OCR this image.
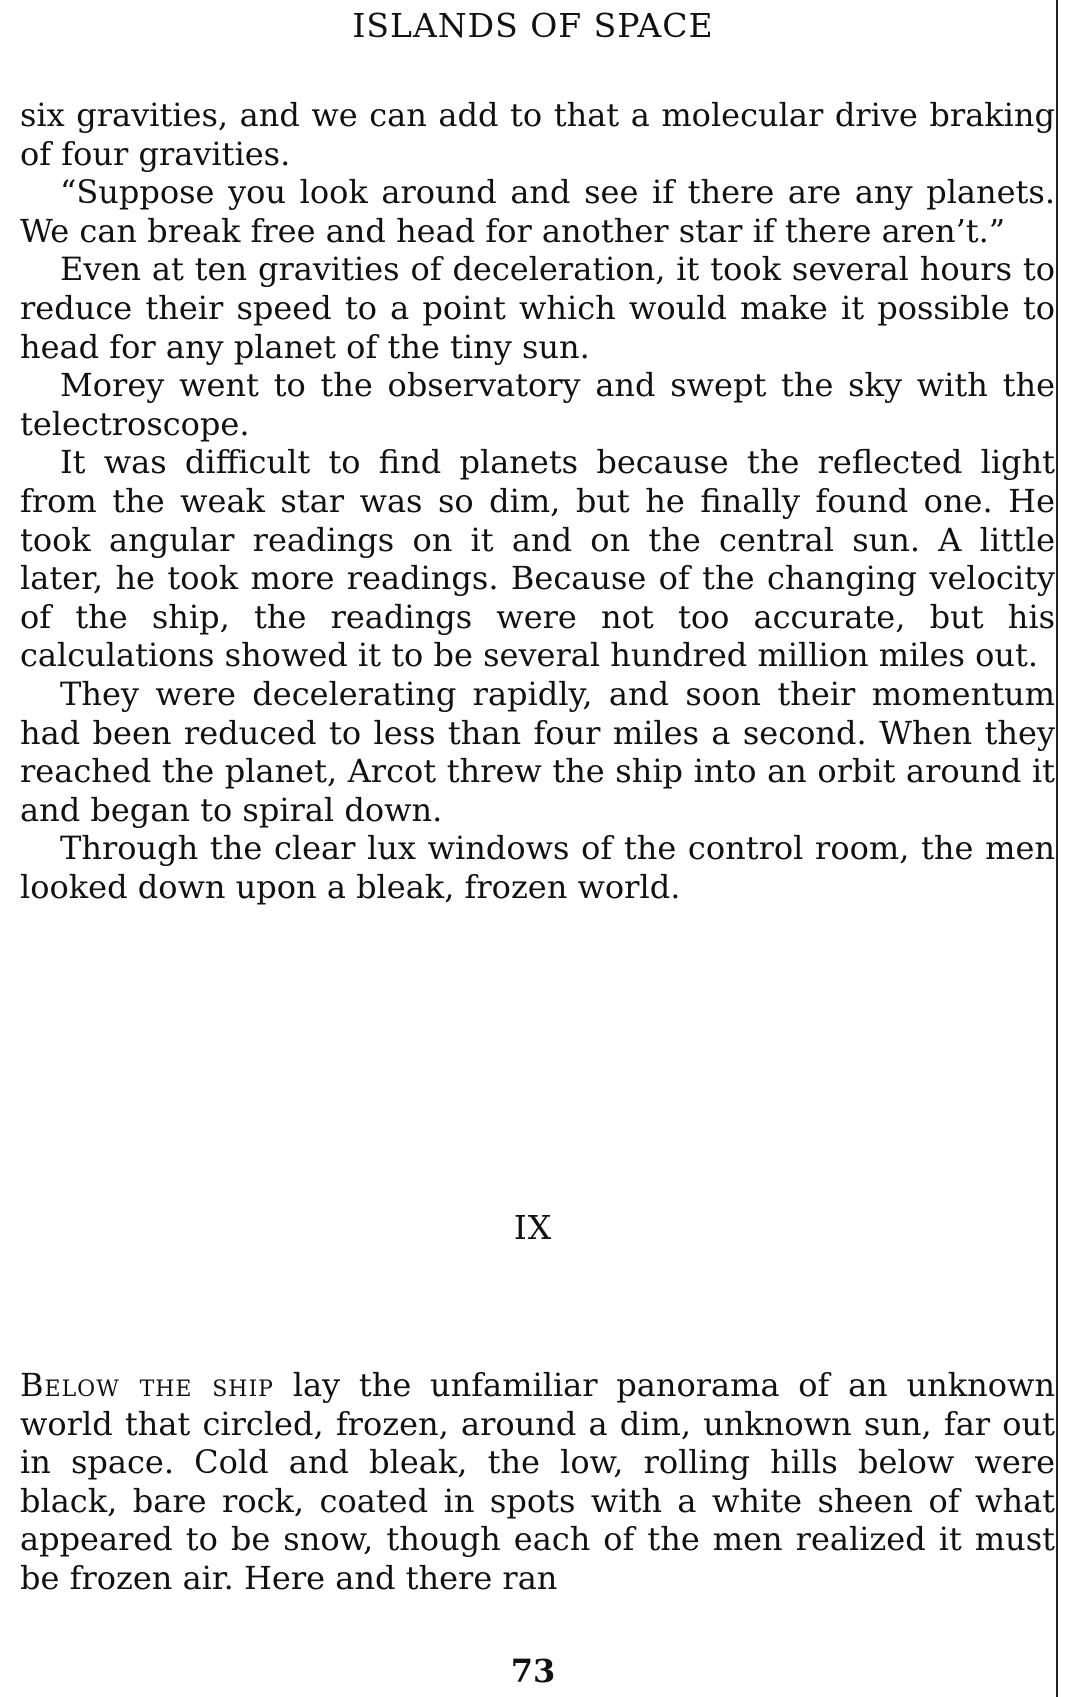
ISLANDS OF SPACE

six gravities, and we can add to that a molecular drive braking of four gravities.

“Suppose you look around and see if there are any planets. We can break free and head for another star if there aren’t.”

Even at ten gravities of deceleration, it took several hours to reduce their speed to a point which would make it possible to head for any planet of the tiny sun.

Morey went to the observatory and swept the sky with the telectroscope.

It was difficult to find planets because the reflected light from the weak star was so dim, but he finally found one. He took angular readings on it and on the central sun. A little later, he took more readings. Because of the changing velocity of the ship, the readings were not too accurate, but his calculations showed it to be several hundred million miles out.

They were decelerating rapidly, and soon their momentum had been reduced to less than four miles a second. When they reached the planet, Arcot threw the ship into an orbit around it and began to spiral down.

Through the clear lux windows of the control room, the men looked down upon a bleak, frozen world.

IX
Below the ship lay the unfamiliar panorama of an unknown world that circled, frozen, around a dim, unknown sun, far out in space. Cold and bleak, the low, rolling hills below were black, bare rock, coated in spots with a white sheen of what appeared to be snow, though each of the men realized it must be frozen air. Here and there ran
73
